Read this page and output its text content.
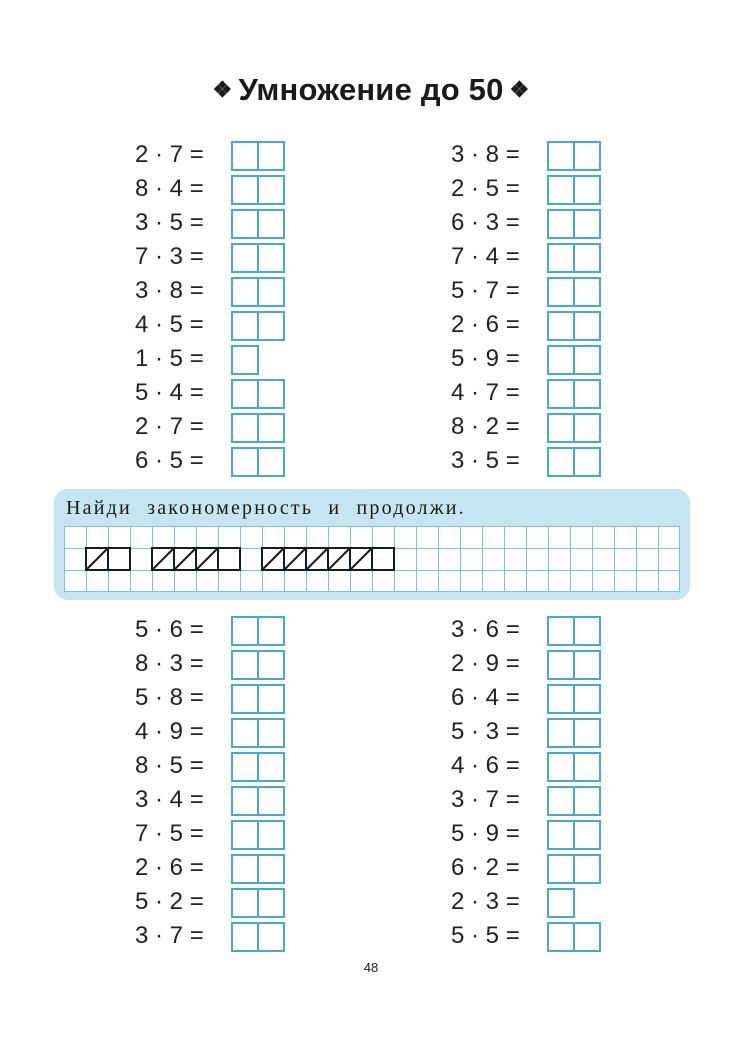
❖ Умножение до 50 ❖
2 · 7 =
8 · 4 =
3 · 5 =
7 · 3 =
3 · 8 =
4 · 5 =
1 · 5 =
5 · 4 =
2 · 7 =
6 · 5 =
3 · 8 =
2 · 5 =
6 · 3 =
7 · 4 =
5 · 7 =
2 · 6 =
5 · 9 =
4 · 7 =
8 · 2 =
3 · 5 =
Найди закономерность и продолжи.
5 · 6 =
8 · 3 =
5 · 8 =
4 · 9 =
8 · 5 =
3 · 4 =
7 · 5 =
2 · 6 =
5 · 2 =
3 · 7 =
3 · 6 =
2 · 9 =
6 · 4 =
5 · 3 =
4 · 6 =
3 · 7 =
5 · 9 =
6 · 2 =
2 · 3 =
5 · 5 =
48
